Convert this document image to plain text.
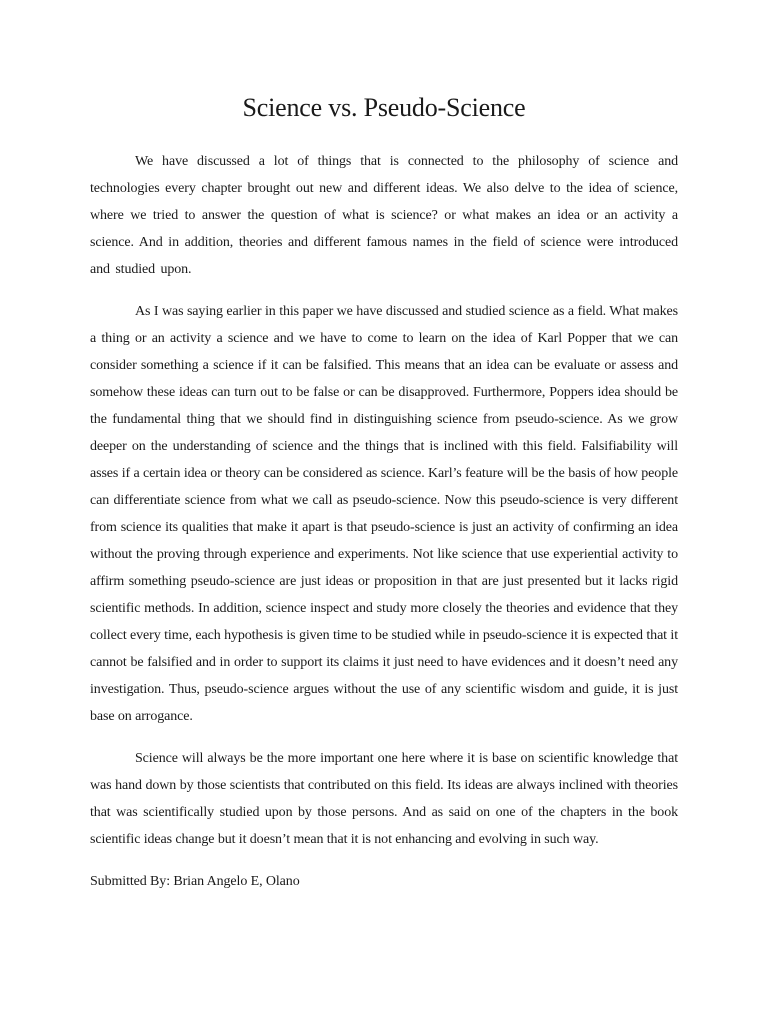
Science vs. Pseudo-Science

We have discussed a lot of things that is connected to the philosophy of science and technologies every chapter brought out new and different ideas. We also delve to the idea of science, where we tried to answer the question of what is science? or what makes an idea or an activity a science. And in addition, theories and different famous names in the field of science were introduced and studied upon.

As I was saying earlier in this paper we have discussed and studied science as a field. What makes a thing or an activity a science and we have to come to learn on the idea of Karl Popper that we can consider something a science if it can be falsified. This means that an idea can be evaluate or assess and somehow these ideas can turn out to be false or can be disapproved. Furthermore, Poppers idea should be the fundamental thing that we should find in distinguishing science from pseudo-science. As we grow deeper on the understanding of science and the things that is inclined with this field. Falsifiability will asses if a certain idea or theory can be considered as science. Karl’s feature will be the basis of how people can differentiate science from what we call as pseudo-science. Now this pseudo-science is very different from science its qualities that make it apart is that pseudo-science is just an activity of confirming an idea without the proving through experience and experiments. Not like science that use experiential activity to affirm something pseudo-science are just ideas or proposition in that are just presented but it lacks rigid scientific methods. In addition, science inspect and study more closely the theories and evidence that they collect every time, each hypothesis is given time to be studied while in pseudo-science it is expected that it cannot be falsified and in order to support its claims it just need to have evidences and it doesn’t need any investigation. Thus, pseudo-science argues without the use of any scientific wisdom and guide, it is just base on arrogance.

Science will always be the more important one here where it is base on scientific knowledge that was hand down by those scientists that contributed on this field. Its ideas are always inclined with theories that was scientifically studied upon by those persons. And as said on one of the chapters in the book scientific ideas change but it doesn’t mean that it is not enhancing and evolving in such way.

Submitted By: Brian Angelo E, Olano
